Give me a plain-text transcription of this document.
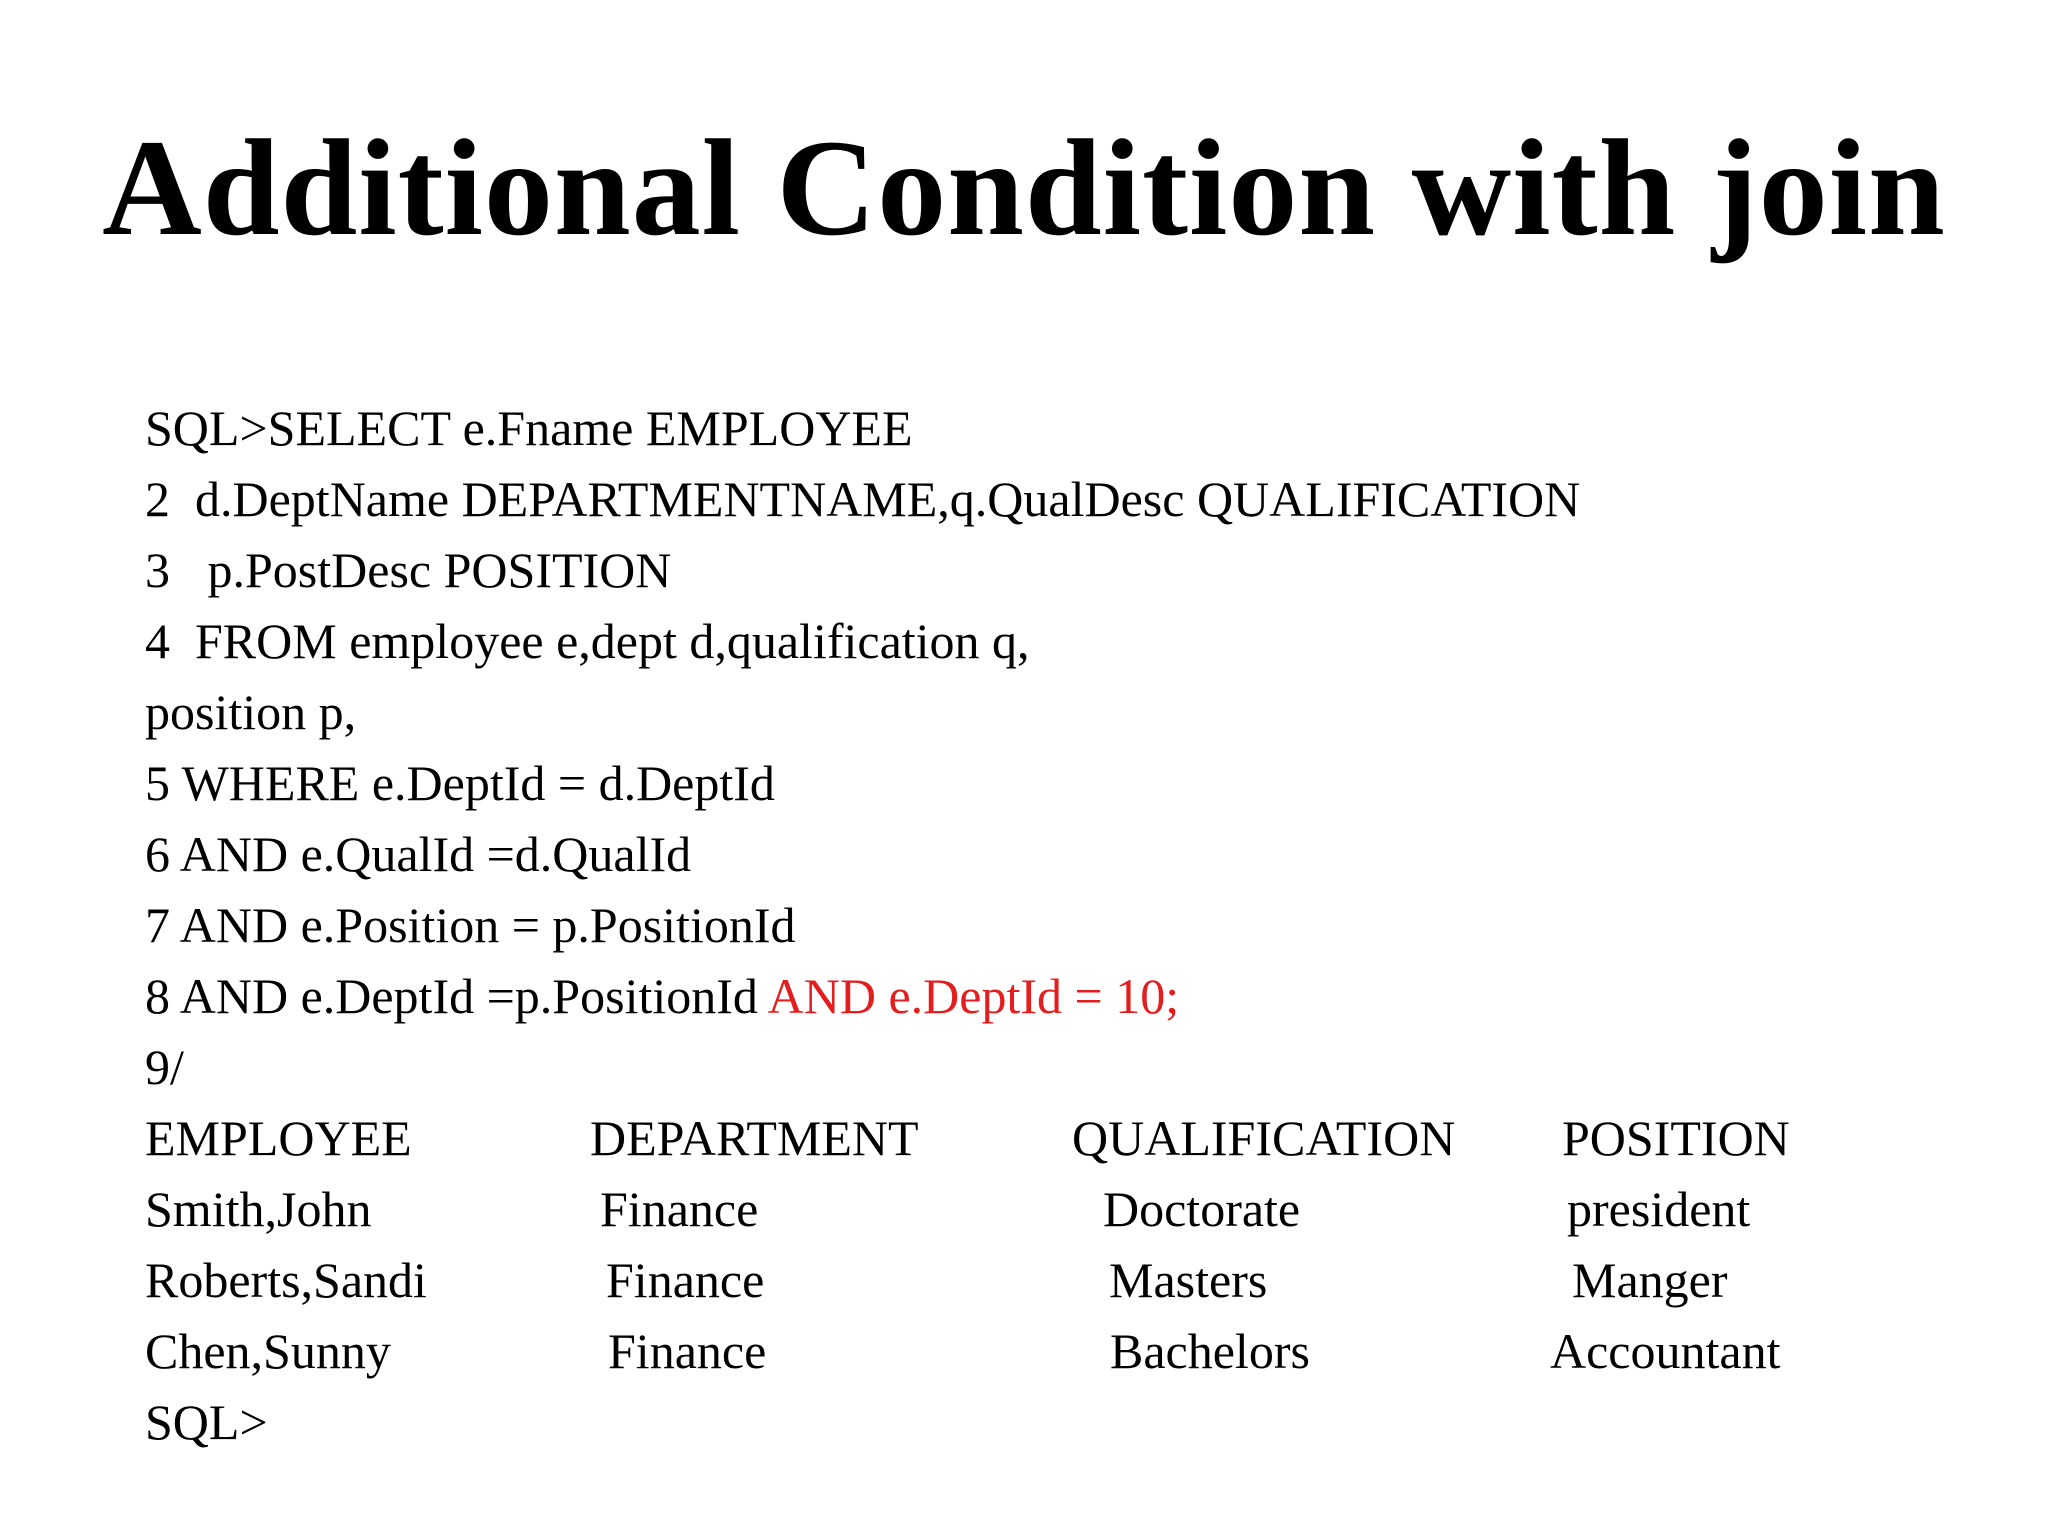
Additional Condition with join
SQL>SELECT e.Fname EMPLOYEE
2  d.DeptName DEPARTMENTNAME,q.QualDesc QUALIFICATION
3   p.PostDesc POSITION
4  FROM employee e,dept d,qualification q,
position p,
5 WHERE e.DeptId = d.DeptId
6 AND e.QualId =d.QualId
7 AND e.Position = p.PositionId
8 AND e.DeptId =p.PositionId AND e.DeptId = 10;
9/
EMPLOYEE	DEPARTMENT	QUALIFICATION POSITION
Smith,John	Finance	Doctorate	president
Roberts,Sandi	Finance	Masters	Manger
Chen,Sunny	Finance	Bachelors	Accountant
SQL>
